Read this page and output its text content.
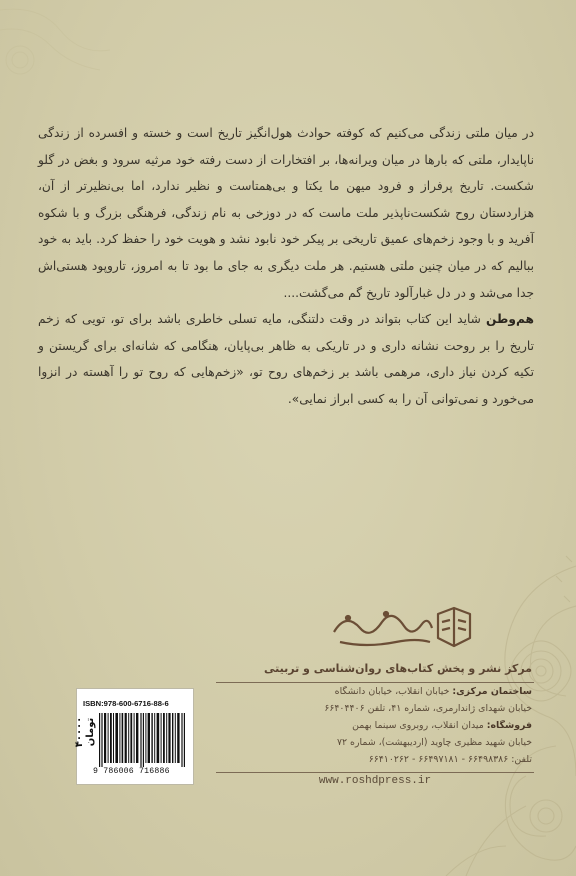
در میان ملتی زندگی می‌کنیم که کوفته حوادث هول‌انگیز تاریخ است و خسته و افسرده از زندگی ناپایدار، ملتی که بارها در میان ویرانه‌ها، بر افتخارات از دست رفته خود مرثیه سرود و بغض در گلو شکست. تاریخ پرفراز و فرود میهن ما یکتا و بی‌همتاست و نظیر ندارد، اما بی‌نظیرتر از آن، هزاردستان روح شکست‌ناپذیر ملت ماست که در دوزخی به نام زندگی، فرهنگی بزرگ و با شکوه آفرید و با وجود زخم‌های عمیق تاریخی بر پیکر خود نابود نشد و هویت خود را حفظ کرد. باید به خود ببالیم که در میان چنین ملتی هستیم. هر ملت دیگری به جای ما بود تا به امروز، تاروپود هستی‌اش جدا می‌شد و در دل غبارآلود تاریخ گم می‌گشت....

هم‌وطن شاید این کتاب بتواند در وقت دلتنگی، مایه تسلی خاطری باشد برای تو، تویی که زخم تاریخ را بر روحت نشانه داری و در تاریکی به ظاهر بی‌پایان، هنگامی که شانه‌ای برای گریستن و تکیه کردن نیاز داری، مرهمی باشد بر زخم‌های روح تو، «زخم‌هایی که روح تو را آهسته در انزوا می‌خورد و نمی‌توانی آن را به کسی ابراز نمایی».

مرکز نشر و پخش کتاب‌های روان‌شناسی و تربیتی
ساختمان مرکزی: خیابان انقلاب، خیابان دانشگاه
خیابان شهدای ژاندارمری، شماره ۴۱، تلفن ۶۶۴۰۴۴۰۶
فروشگاه: میدان انقلاب، روبروی سینما بهمن
خیابان شهید مظیری چاوید (اردیبهشت)، شماره ۷۲
تلفن: ۶۶۴۹۸۳۸۶ - ۶۶۴۹۷۱۸۱ - ۶۶۴۱۰۲۶۲
www.roshdpress.ir
ISBN:978-600-6716-88-6
۴۰۰۰۰ تومان
9 786006 716886
